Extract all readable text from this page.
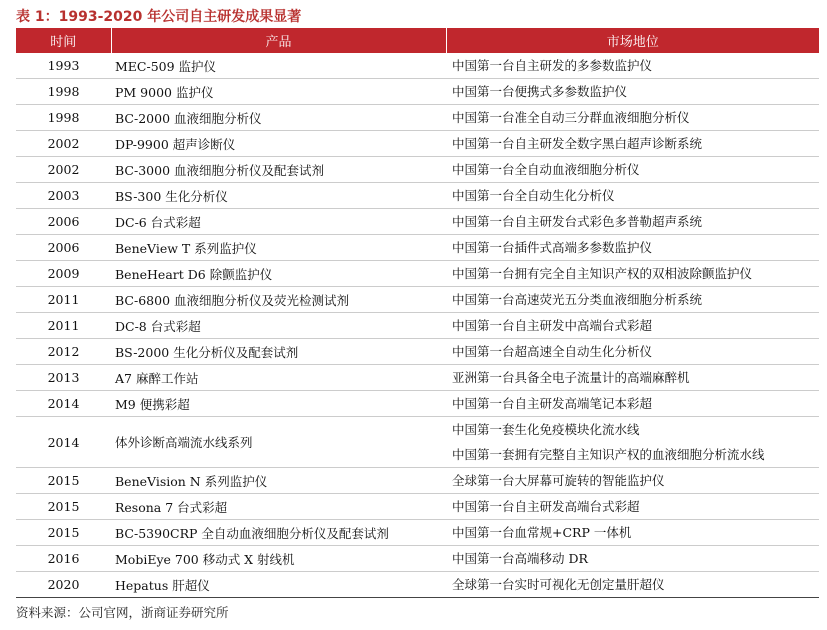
表 1：1993-2020 年公司自主研发成果显著
时间	产品	市场地位
1993	MEC-509 监护仪	中国第一台自主研发的多参数监护仪

1998	PM 9000 监护仪	中国第一台便携式多参数监护仪

1998	BC-2000 血液细胞分析仪	中国第一台准全自动三分群血液细胞分析仪

2002	DP-9900 超声诊断仪	中国第一台自主研发全数字黑白超声诊断系统

2002	BC-3000 血液细胞分析仪及配套试剂	中国第一台全自动血液细胞分析仪

2003	BS-300 生化分析仪	中国第一台全自动生化分析仪

2006	DC-6 台式彩超	中国第一台自主研发台式彩色多普勒超声系统

2006	BeneView T 系列监护仪	中国第一台插件式高端多参数监护仪

2009	BeneHeart D6 除颤监护仪	中国第一台拥有完全自主知识产权的双相波除颤监护仪

2011	BC-6800 血液细胞分析仪及荧光检测试剂	中国第一台高速荧光五分类血液细胞分析系统

2011	DC-8 台式彩超	中国第一台自主研发中高端台式彩超

2012	BS-2000 生化分析仪及配套试剂	中国第一台超高速全自动生化分析仪

2013	A7 麻醉工作站	亚洲第一台具备全电子流量计的高端麻醉机

2014	M9 便携彩超	中国第一台自主研发高端笔记本彩超

2014	体外诊断高端流水线系列	中国第一套生化免疫模块化流水线
中国第一套拥有完整自主知识产权的血液细胞分析流水线

2015	BeneVision N 系列监护仪	全球第一台大屏幕可旋转的智能监护仪

2015	Resona 7 台式彩超	中国第一台自主研发高端台式彩超

2015	BC-5390CRP 全自动血液细胞分析仪及配套试剂	中国第一台血常规+CRP 一体机

2016	MobiEye 700 移动式 X 射线机	中国第一台高端移动 DR

2020	Hepatus 肝超仪	全球第一台实时可视化无创定量肝超仪
资料来源：公司官网，浙商证券研究所
